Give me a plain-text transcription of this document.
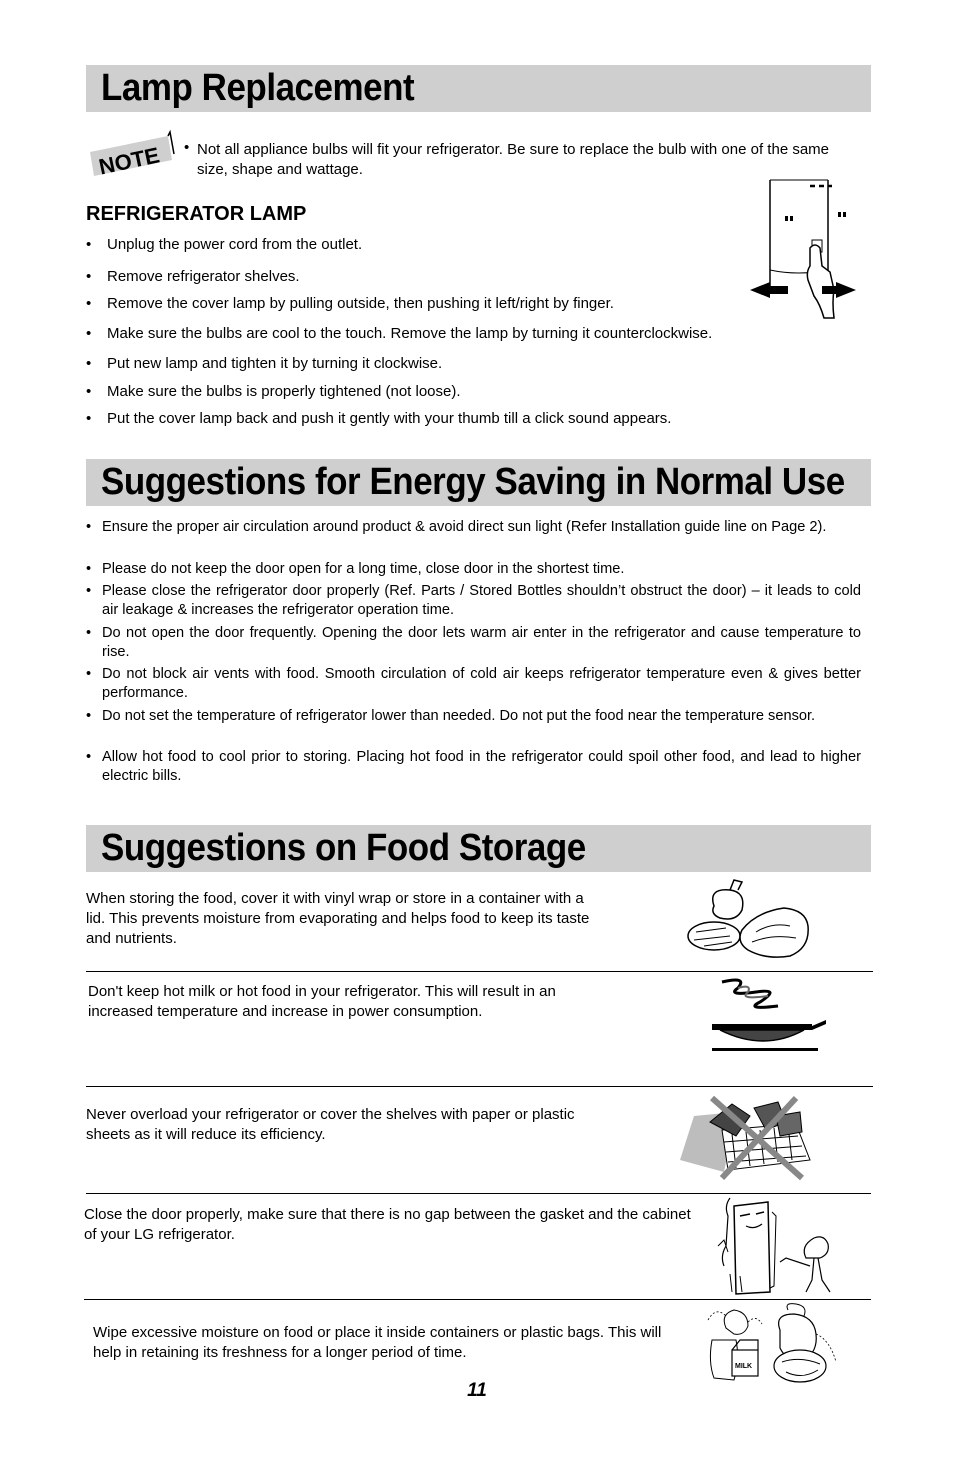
Lamp Replacement
NOTE • Not all appliance bulbs will fit your refrigerator. Be sure to replace the bulb with one of the same size, shape and wattage.
REFRIGERATOR LAMP
• Unplug the power cord from the outlet.
• Remove refrigerator shelves.
• Remove the cover lamp by pulling outside, then pushing it left/right by finger.
• Make sure the bulbs are cool to the touch. Remove the lamp by turning it counterclockwise.
• Put new lamp and tighten it by turning it clockwise.
• Make sure the bulbs is properly tightened (not loose).
• Put the cover lamp back and push it gently with your thumb till a click sound appears.
Suggestions for Energy Saving in Normal Use
• Ensure the proper air circulation around product & avoid direct sun light (Refer Installation guide line on Page 2).
• Please do not keep the door open for a long time, close door in the shortest time.
• Please close the refrigerator door properly (Ref. Parts / Stored Bottles shouldn’t obstruct the door) – it leads to cold air leakage & increases the refrigerator operation time.
• Do not open the door frequently. Opening the door lets warm air enter in the refrigerator and cause temperature to rise.
• Do not block air vents with food. Smooth circulation of cold air keeps refrigerator temperature even & gives better performance.
• Do not set the temperature of refrigerator lower than needed. Do not put the food near the temperature sensor.
• Allow hot food to cool prior to storing. Placing hot food in the refrigerator could spoil other food, and lead to higher electric bills.
Suggestions on Food Storage
When storing the food, cover it with vinyl wrap or store in a container with a lid. This prevents moisture from evaporating and helps food to keep its taste and nutrients.
Don't keep hot milk or hot food in your refrigerator. This will result in an increased temperature and increase in power consumption.
Never overload your refrigerator or cover the shelves with paper or plastic sheets as it will reduce its efficiency.
Close the door properly, make sure that there is no gap between the gasket and the cabinet of your LG refrigerator.
Wipe excessive moisture on food or place it inside containers or plastic bags. This will help in retaining its freshness for a longer period of time.
MILK
11
